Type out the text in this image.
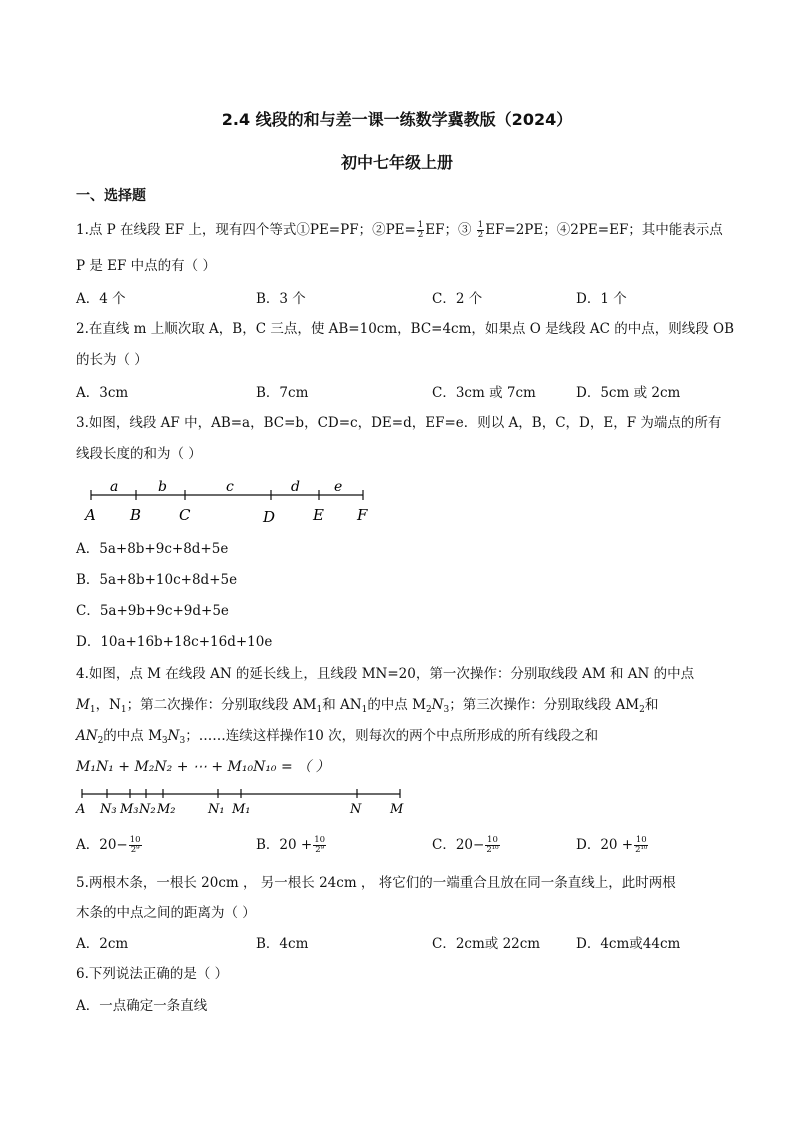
2.4 线段的和与差一课一练数学冀教版（2024）
初中七年级上册
一、选择题
1.点 P 在线段 EF 上，现有四个等式①PE=PF；②PE= $\frac{1}{2}$ EF；③ $\frac{1}{2} EF=2PE$；④2PE=EF；其中能表示点
P 是 EF 中点的有（ ）
A．4 个	B．3 个	C．2 个	D．1 个
2.在直线 m 上顺次取 A，B，C 三点，使 AB=10cm，BC=4cm，如果点 O 是线段 AC 的中点，则线段 OB
的长为（ ）
A．3cm	B．7cm	C．3cm 或 7cm	D．5cm 或 2cm
3.如图，线段 AF 中，AB=a，BC=b，CD=c，DE=d，EF=e．则以 A，B，C，D，E，F 为端点的所有
线段长度的和为（ ）
a	b	c	d e
A B	C	D	E F
A．5a+8b+9c+8d+5e
B．5a+8b+10c+8d+5e
C．5a+9b+9c+9d+5e
D．10a+16b+18c+16d+10e
4.如图，点 M 在线段 AN 的延长线上，且线段 MN=20，第一次操作：分别取线段 AM 和 AN 的中点
$M_1$，$N_1$；第二次操作：分别取线段 $AM_1$和 $AN_1$的中点 $M_2N_3$；第三次操作：分别取线段 $AM_2$和
$AN_2$的中点 $M_3N_3$；……连续这样操作10 次，则每次的两个中点所形成的所有线段之和
M₁N₁ + M₂N₂ + ⋯ + M₁₀N₁₀ = （ ）
A N₃ M₃ N₂ M₂ N₁ M₁	N M
A．$20- \frac{10}{\text{2⁹}}$	B．$20 + \frac{10}{\text{2⁹}}$	C．$20- \frac{10}{\text{2¹⁰}}$	D．$20 + \frac{10}{\text{2¹⁰}}$
5.两根木条，一根长 20cm ， 另一根长 24cm ， 将它们的一端重合且放在同一条直线上，此时两根
木条的中点之间的距离为（ ）
A．2cm	B．4cm	C．2cm或 22cm	D．4cm或44cm
6.下列说法正确的是（ ）
A．一点确定一条直线
